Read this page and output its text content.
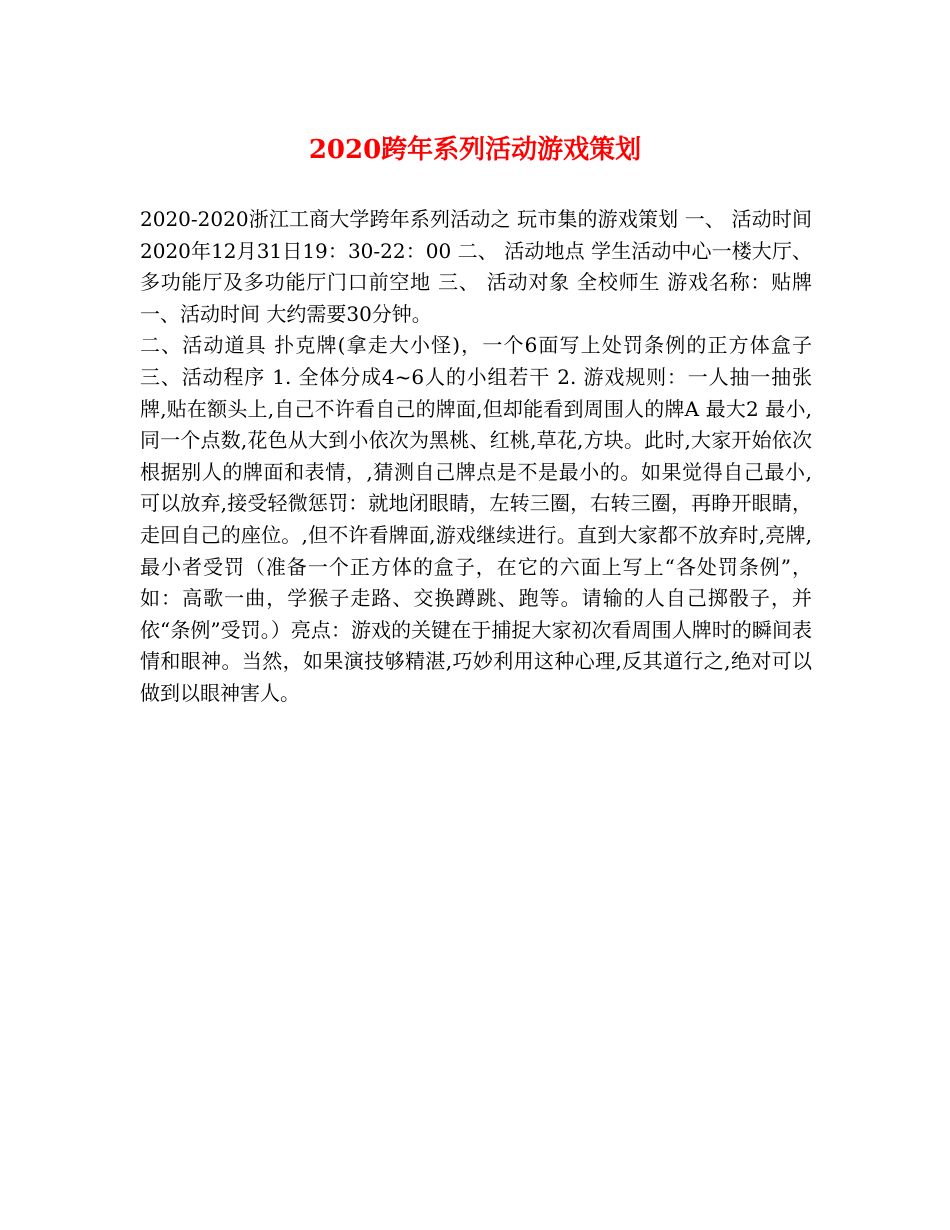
2020跨年系列活动游戏策划

2020-2020浙江工商大学跨年系列活动之 玩市集的游戏策划 一、 活动时间 2020年12月31日19：30-22：00 二、 活动地点 学生活动中心一楼大厅、多功能厅及多功能厅门口前空地 三、 活动对象 全校师生 游戏名称：贴牌 一、活动时间 大约需要30分钟。

二、活动道具 扑克牌(拿走大小怪)，一个6面写上处罚条例的正方体盒子 三、活动程序 1. 全体分成4~6人的小组若干 2. 游戏规则：一人抽一抽张牌,贴在额头上,自己不许看自己的牌面,但却能看到周围人的牌A 最大2 最小,同一个点数,花色从大到小依次为黑桃、红桃,草花,方块。此时,大家开始依次根据别人的牌面和表情，,猜测自己牌点是不是最小的。如果觉得自己最小,可以放弃,接受轻微惩罚：就地闭眼睛，左转三圈，右转三圈，再睁开眼睛，走回自己的座位。,但不许看牌面,游戏继续进行。直到大家都不放弃时,亮牌,最小者受罚（准备一个正方体的盒子，在它的六面上写上“各处罚条例”，如：高歌一曲，学猴子走路、交换蹲跳、跑等。请输的人自己掷骰子，并依“条例”受罚。）亮点：游戏的关键在于捕捉大家初次看周围人牌时的瞬间表情和眼神。当然，如果演技够精湛,巧妙利用这种心理,反其道行之,绝对可以做到以眼神害人。
